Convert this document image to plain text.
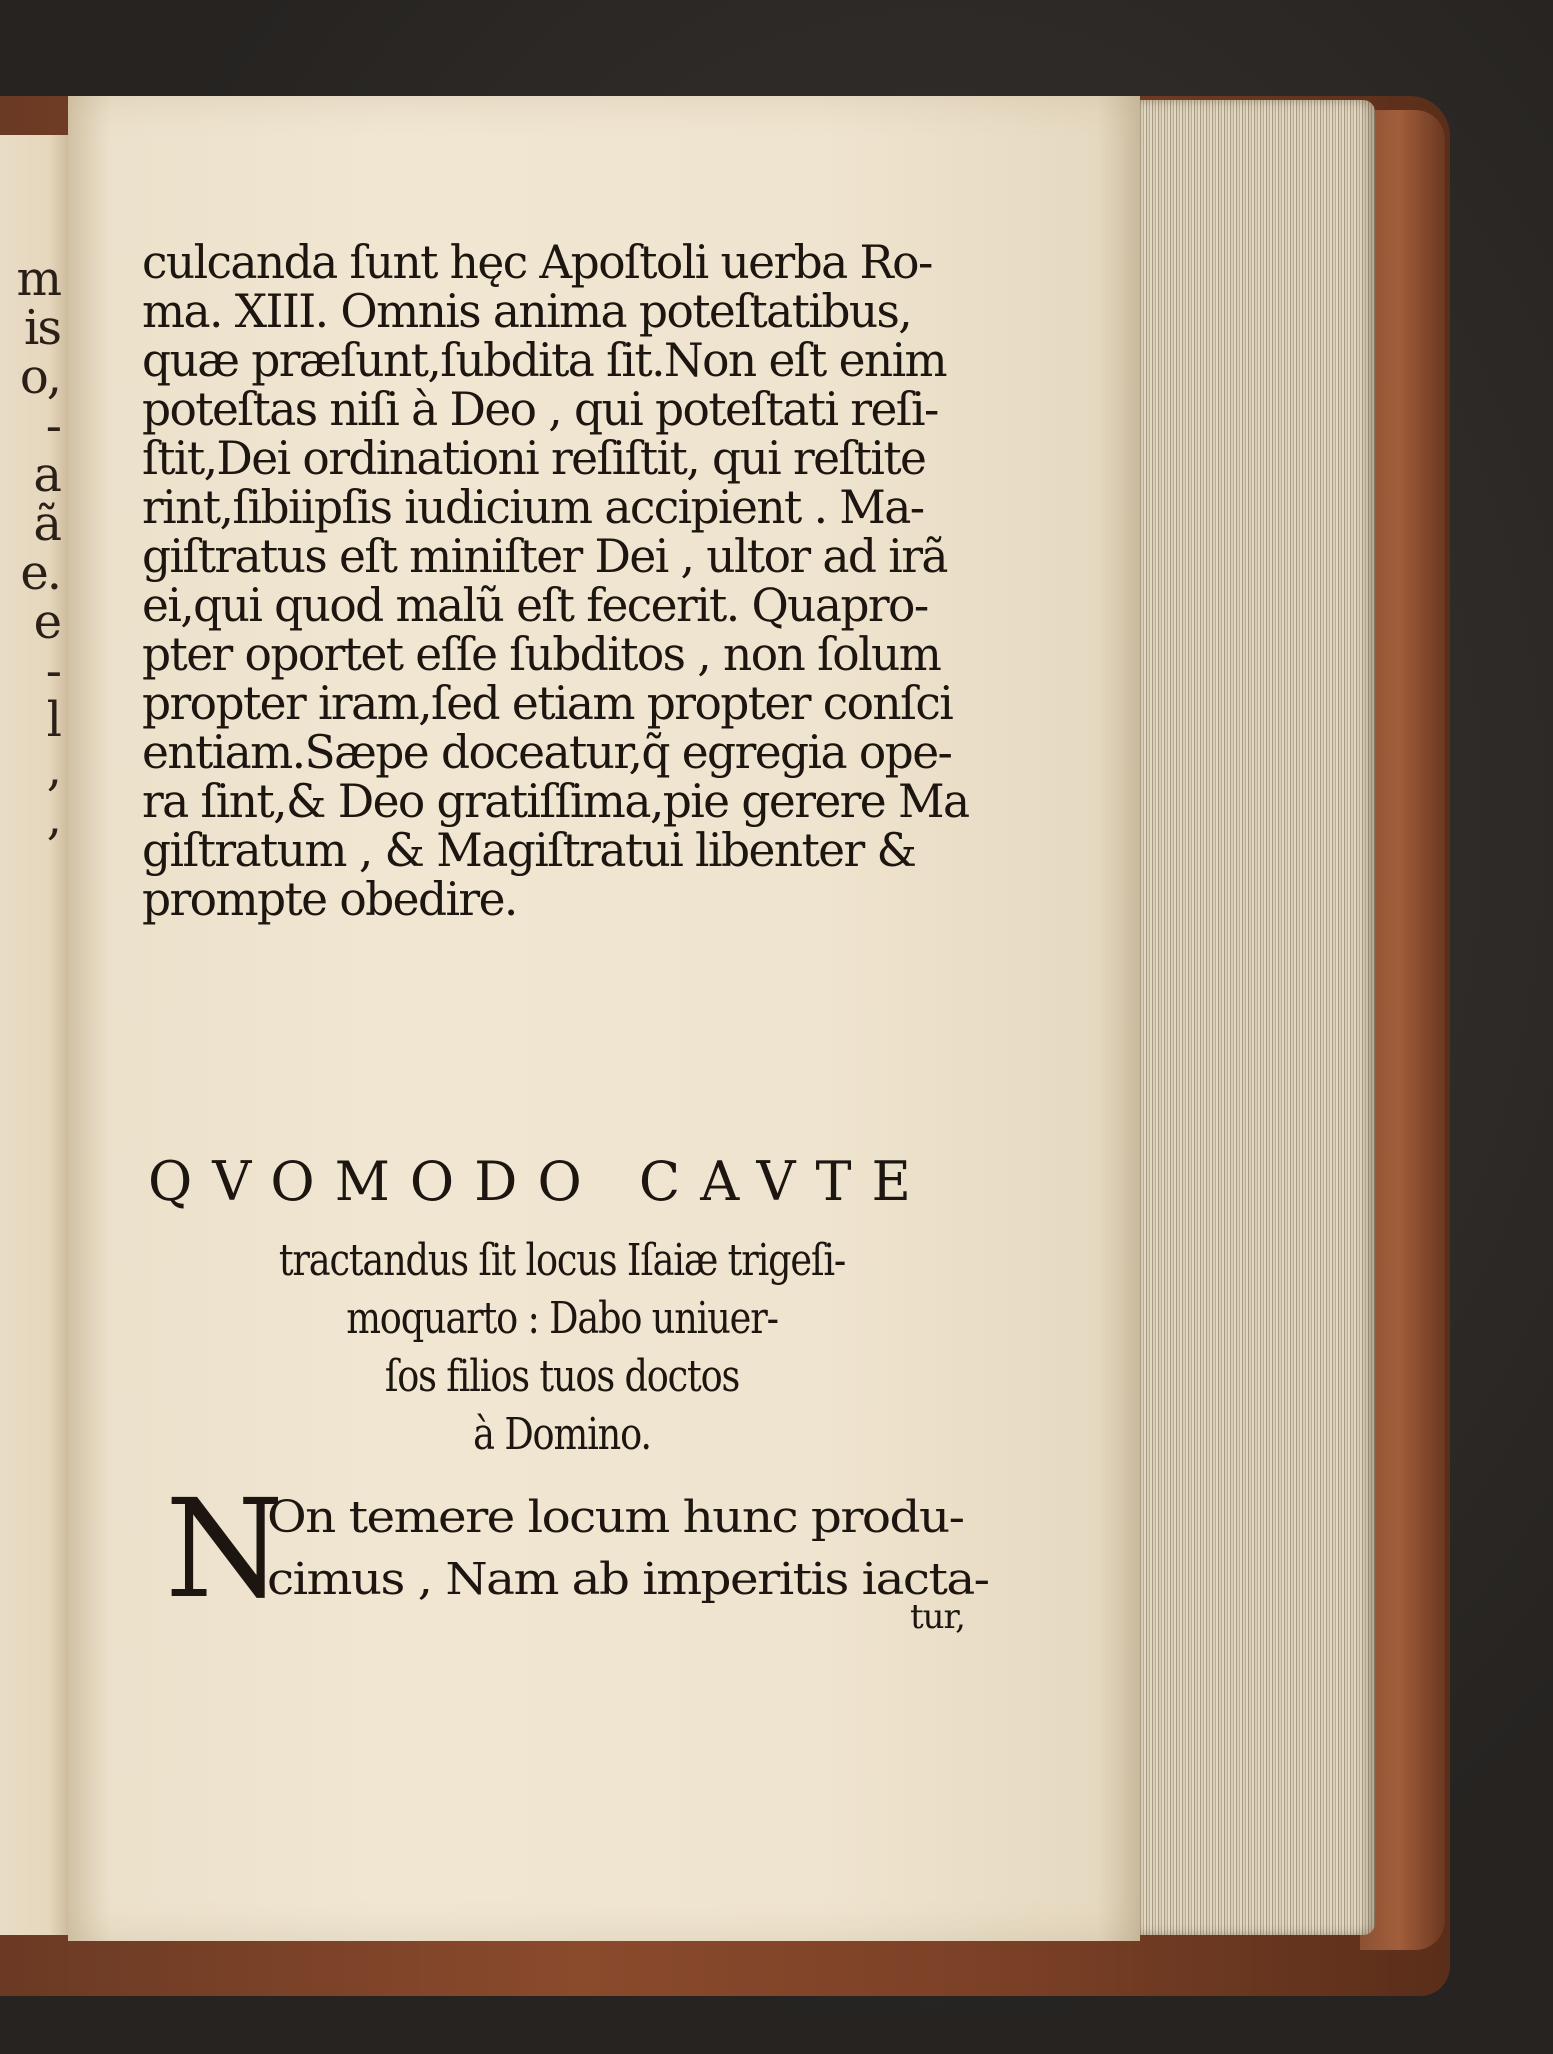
m
is
o,
-
a
ã
e.
e
-
l
,
,
culcanda ſunt hęc Apoſtoli uerba Ro-
ma. XIII. Omnis anima poteſtatibus,
quæ præſunt,ſubdita ſit.Non eſt enim
poteſtas niſi à Deo , qui poteſtati reſi-
ſtit,Dei ordinationi reſiſtit, qui reſtite
rint,ſibiipſis iudicium accipient . Ma-
giſtratus eſt miniſter Dei , ultor ad irã
ei,qui quod malũ eſt fecerit. Quapro-
pter oportet eſſe ſubditos , non ſolum
propter iram,ſed etiam propter conſci
entiam.Sæpe doceatur,q̃ egregia ope-
ra ſint,& Deo gratiſſima,pie gerere Ma
giſtratum , & Magiſtratui libenter &
prompte obedire.
QVOMODO CAVTE
tractandus ſit locus Iſaiæ trigeſi-
moquarto : Dabo uniuer-
ſos filios tuos doctos
à Domino.
N
On temere locum hunc produ-
cimus , Nam ab imperitis iacta-
tur,
